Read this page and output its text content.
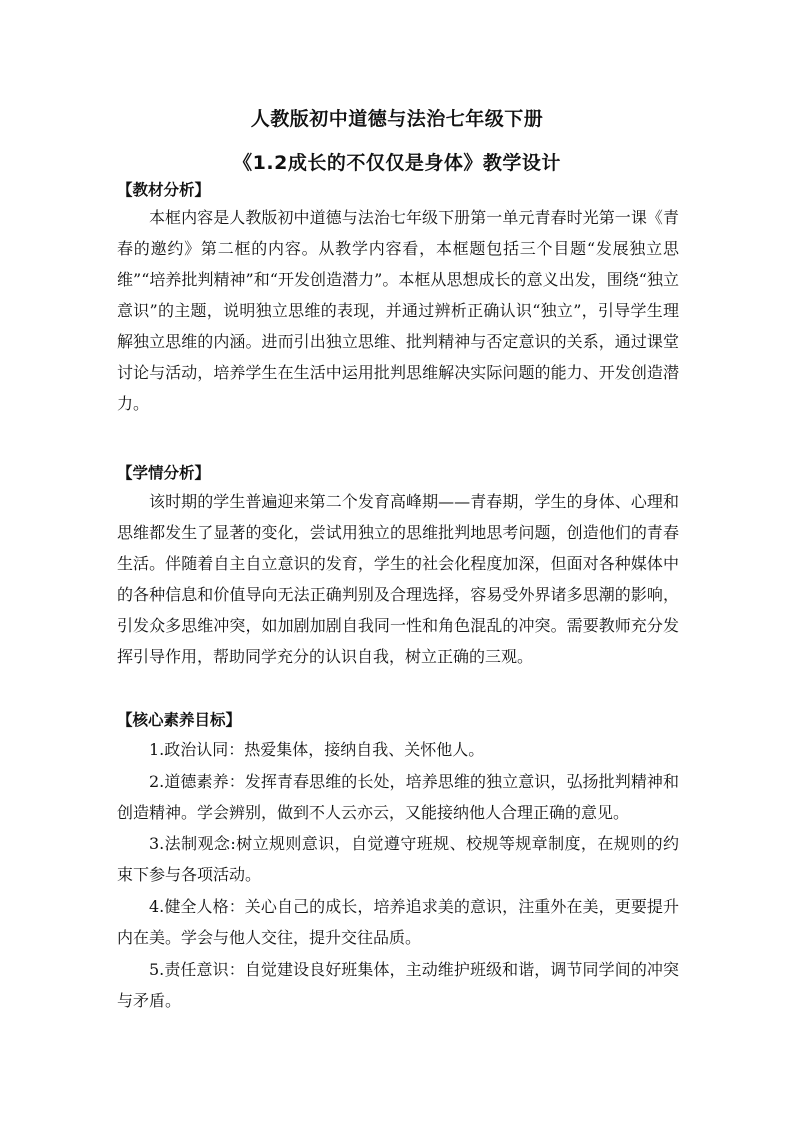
人教版初中道德与法治七年级下册
《1.2成长的不仅仅是身体》教学设计
【教材分析】
本框内容是人教版初中道德与法治七年级下册第一单元青春时光第一课《青春的邀约》第二框的内容。从教学内容看，本框题包括三个目题“发展独立思维”“培养批判精神”和“开发创造潜力”。本框从思想成长的意义出发，围绕“独立意识”的主题，说明独立思维的表现，并通过辨析正确认识“独立”，引导学生理解独立思维的内涵。进而引出独立思维、批判精神与否定意识的关系，通过课堂讨论与活动，培养学生在生活中运用批判思维解决实际问题的能力、开发创造潜力。
【学情分析】
该时期的学生普遍迎来第二个发育高峰期——青春期，学生的身体、心理和思维都发生了显著的变化，尝试用独立的思维批判地思考问题，创造他们的青春生活。伴随着自主自立意识的发育，学生的社会化程度加深，但面对各种媒体中的各种信息和价值导向无法正确判别及合理选择，容易受外界诸多思潮的影响，引发众多思维冲突，如加剧加剧自我同一性和角色混乱的冲突。需要教师充分发挥引导作用，帮助同学充分的认识自我，树立正确的三观。
【核心素养目标】
1.政治认同：热爱集体，接纳自我、关怀他人。
2.道德素养：发挥青春思维的长处，培养思维的独立意识，弘扬批判精神和创造精神。学会辨别，做到不人云亦云，又能接纳他人合理正确的意见。
3.法制观念:树立规则意识，自觉遵守班规、校规等规章制度，在规则的约束下参与各项活动。
4.健全人格：关心自己的成长，培养追求美的意识，注重外在美，更要提升内在美。学会与他人交往，提升交往品质。
5.责任意识：自觉建设良好班集体，主动维护班级和谐，调节同学间的冲突与矛盾。
